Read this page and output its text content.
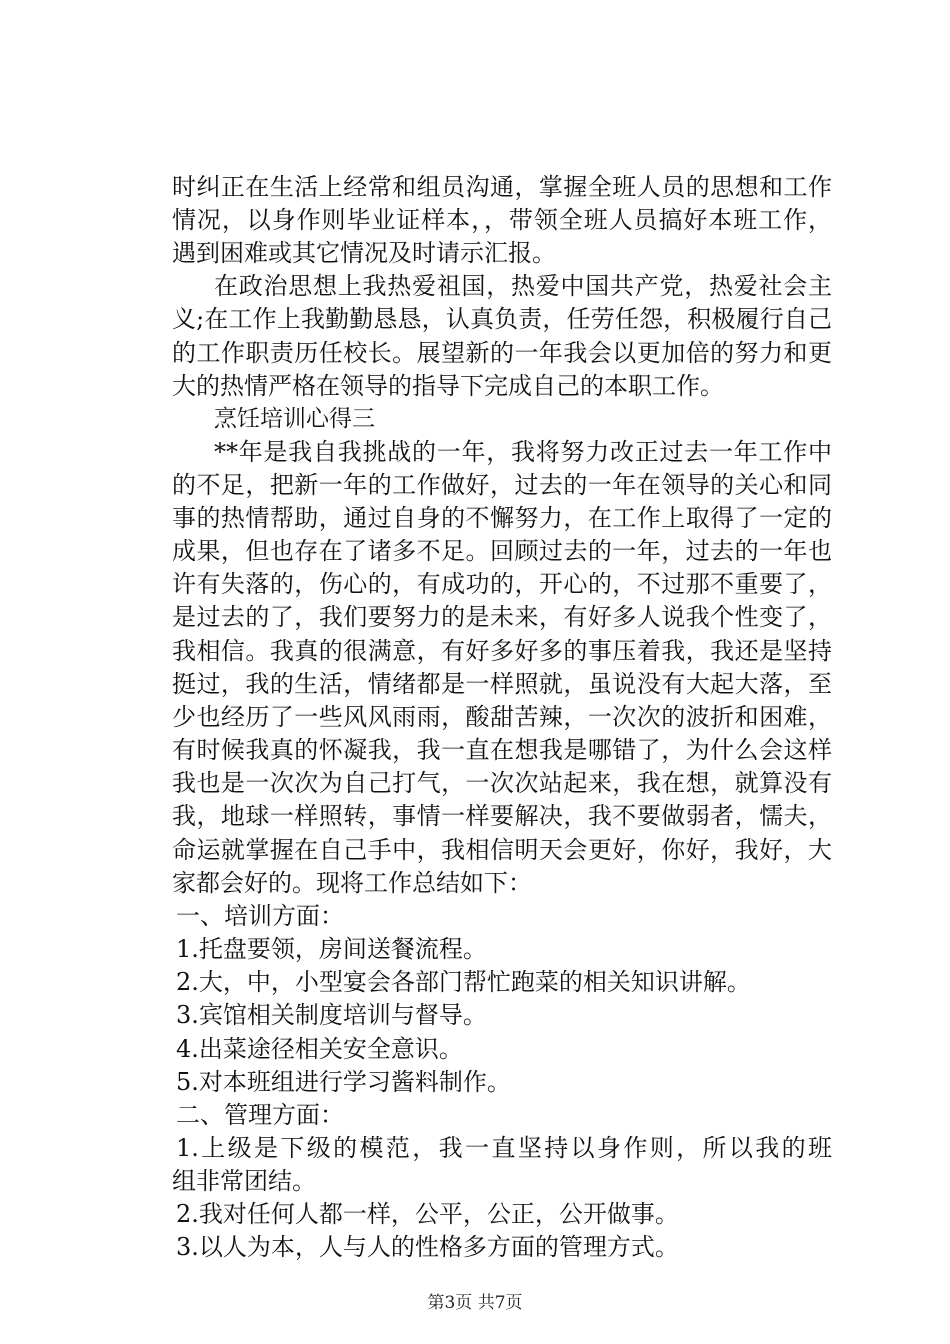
时纠正在生活上经常和组员沟通，掌握全班人员的思想和工作
情况，以身作则毕业证样本，，带领全班人员搞好本班工作，
遇到困难或其它情况及时请示汇报。
在政治思想上我热爱祖国，热爱中国共产党，热爱社会主
义;在工作上我勤勤恳恳，认真负责，任劳任怨，积极履行自己
的工作职责历任校长。展望新的一年我会以更加倍的努力和更
大的热情严格在领导的指导下完成自己的本职工作。
烹饪培训心得三
**年是我自我挑战的一年，我将努力改正过去一年工作中
的不足，把新一年的工作做好，过去的一年在领导的关心和同
事的热情帮助，通过自身的不懈努力，在工作上取得了一定的
成果，但也存在了诸多不足。回顾过去的一年，过去的一年也
许有失落的，伤心的，有成功的，开心的，不过那不重要了，
是过去的了，我们要努力的是未来，有好多人说我个性变了，
我相信。我真的很满意，有好多好多的事压着我，我还是坚持
挺过，我的生活，情绪都是一样照就，虽说没有大起大落，至
少也经历了一些风风雨雨，酸甜苦辣，一次次的波折和困难，
有时候我真的怀凝我，我一直在想我是哪错了，为什么会这样
我也是一次次为自己打气，一次次站起来，我在想，就算没有
我，地球一样照转，事情一样要解决，我不要做弱者，懦夫，
命运就掌握在自己手中，我相信明天会更好，你好，我好，大
家都会好的。现将工作总结如下：
一、培训方面：
1.托盘要领，房间送餐流程。
2.大，中，小型宴会各部门帮忙跑菜的相关知识讲解。
3.宾馆相关制度培训与督导。
4.出菜途径相关安全意识。
5.对本班组进行学习酱料制作。
二、管理方面：
1.上级是下级的模范，我一直坚持以身作则，所以我的班
组非常团结。
2.我对任何人都一样，公平，公正，公开做事。
3.以人为本，人与人的性格多方面的管理方式。
第3页 共7页
